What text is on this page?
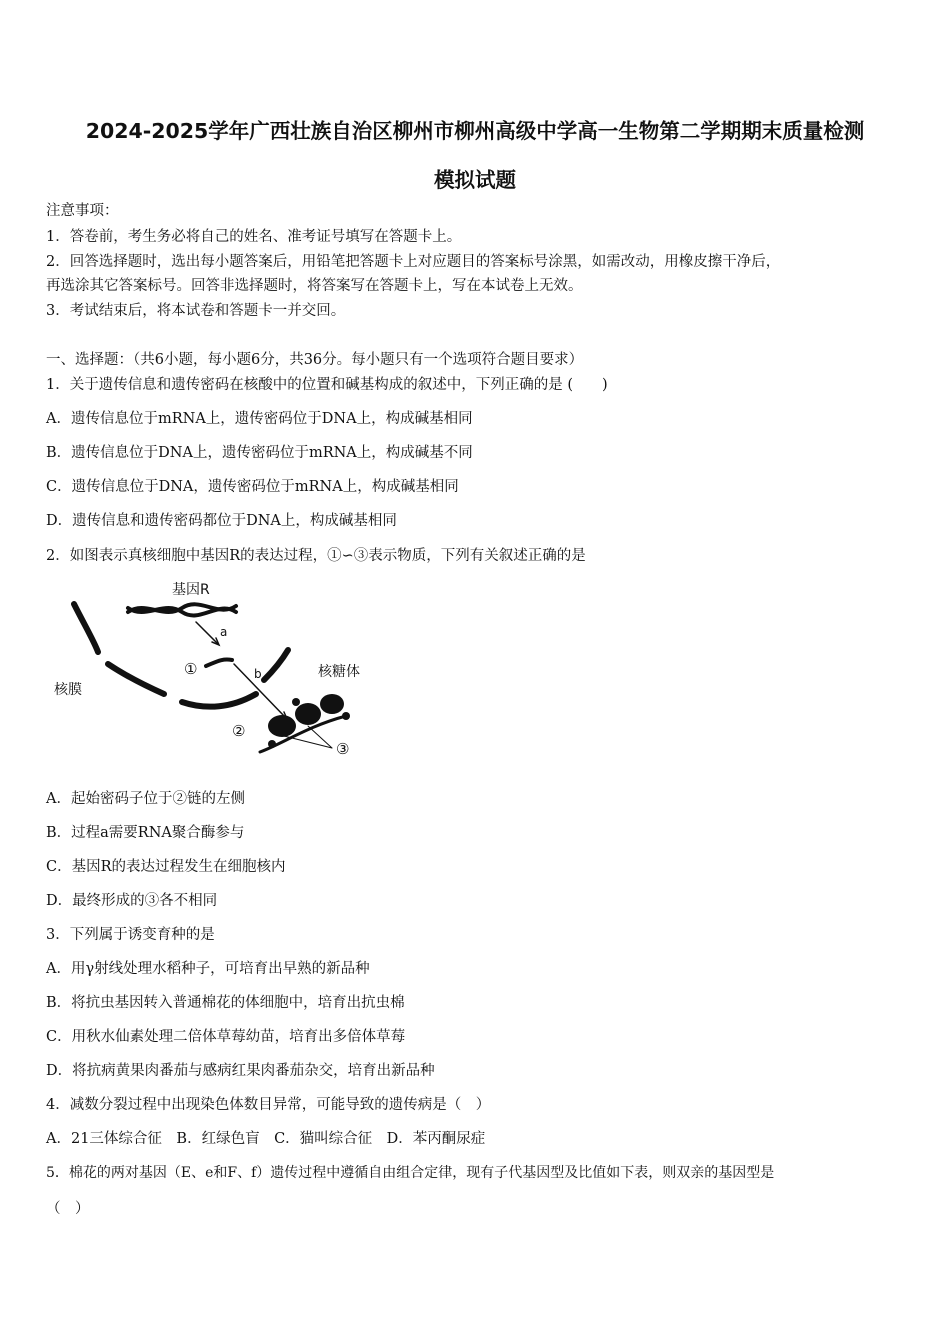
2024-2025学年广西壮族自治区柳州市柳州高级中学高一生物第二学期期末质量检测
模拟试题
注意事项：
1．答卷前，考生务必将自己的姓名、准考证号填写在答题卡上。
2．回答选择题时，选出每小题答案后，用铅笔把答题卡上对应题目的答案标号涂黑，如需改动，用橡皮擦干净后，
再选涂其它答案标号。回答非选择题时，将答案写在答题卡上，写在本试卷上无效。
3．考试结束后，将本试卷和答题卡一并交回。
一、选择题：（共6小题，每小题6分，共36分。每小题只有一个选项符合题目要求）
1．关于遗传信息和遗传密码在核酸中的位置和碱基构成的叙述中，下列正确的是 (　　)
A．遗传信息位于mRNA上，遗传密码位于DNA上，构成碱基相同
B．遗传信息位于DNA上，遗传密码位于mRNA上，构成碱基不同
C．遗传信息位于DNA，遗传密码位于mRNA上，构成碱基相同
D．遗传信息和遗传密码都位于DNA上，构成碱基相同
2．如图表示真核细胞中基因R的表达过程，①∽③表示物质，下列有关叙述正确的是
基因R
a
b
①
②
③
核膜
核糖体
A．起始密码子位于②链的左侧
B．过程a需要RNA聚合酶参与
C．基因R的表达过程发生在细胞核内
D．最终形成的③各不相同
3．下列属于诱变育种的是
A．用γ射线处理水稻种子，可培育出早熟的新品种
B．将抗虫基因转入普通棉花的体细胞中，培育出抗虫棉
C．用秋水仙素处理二倍体草莓幼苗，培育出多倍体草莓
D．将抗病黄果肉番茄与感病红果肉番茄杂交，培育出新品种
4．减数分裂过程中出现染色体数目异常，可能导致的遗传病是（　）
A．21三体综合征　B．红绿色盲　C．猫叫综合征　D．苯丙酮尿症
5．棉花的两对基因（E、e和F、f）遗传过程中遵循自由组合定律，现有子代基因型及比值如下表，则双亲的基因型是
（　）
